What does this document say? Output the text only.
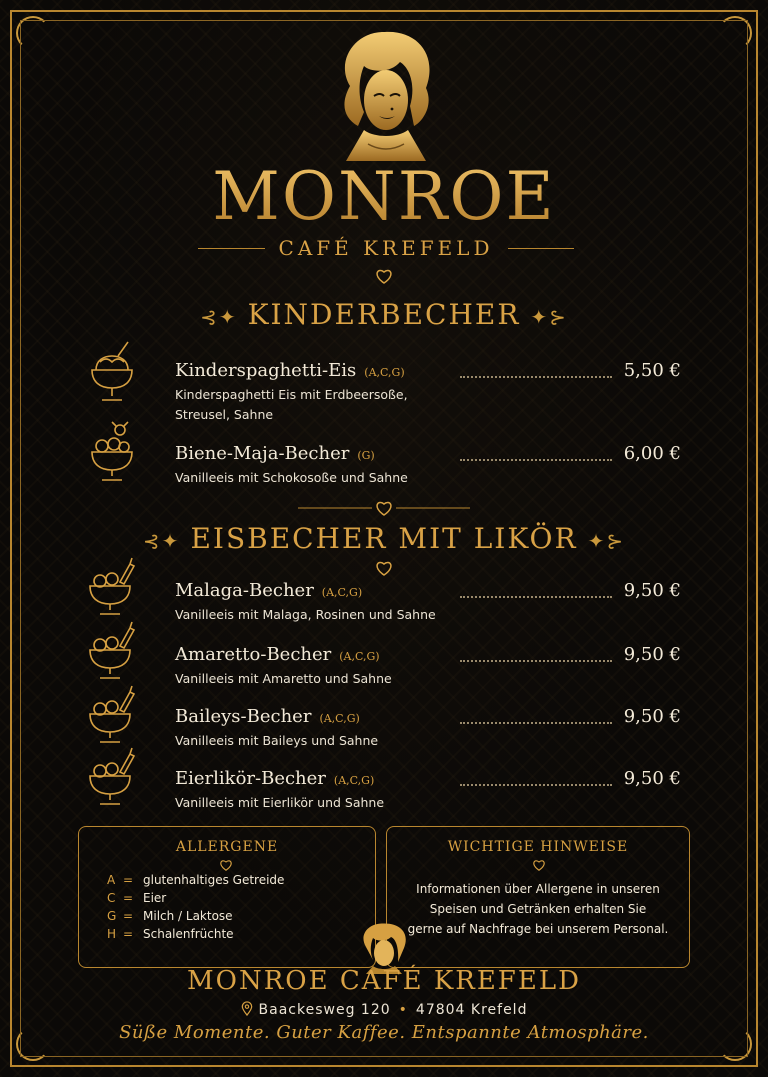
MONROE
CAFÉ KREFELD
⊰✦ KINDERBECHER ✦⊱
Kinderspaghetti-Eis (A,C,G)
Kinderspaghetti Eis mit Erdbeersoße,
Streusel, Sahne
5,50 €
Biene-Maja-Becher (G)
Vanilleeis mit Schokosoße und Sahne
6,00 €
⊰✦ EISBECHER MIT LIKÖR ✦⊱
Malaga-Becher (A,C,G)
Vanilleeis mit Malaga, Rosinen und Sahne
9,50 €
Amaretto-Becher (A,C,G)
Vanilleeis mit Amaretto und Sahne
9,50 €
Baileys-Becher (A,C,G)
Vanilleeis mit Baileys und Sahne
9,50 €
Eierlikör-Becher (A,C,G)
Vanilleeis mit Eierlikör und Sahne
9,50 €
ALLERGENE
A = glutenhaltiges Getreide
C = Eier
G = Milch / Laktose
H = Schalenfrüchte
WICHTIGE HINWEISE
Informationen über Allergene in unseren
Speisen und Getränken erhalten Sie
gerne auf Nachfrage bei unserem Personal.
MONROE CAFÉ KREFELD
Baackesweg 120 • 47804 Krefeld
Süße Momente. Guter Kaffee. Entspannte Atmosphäre.
